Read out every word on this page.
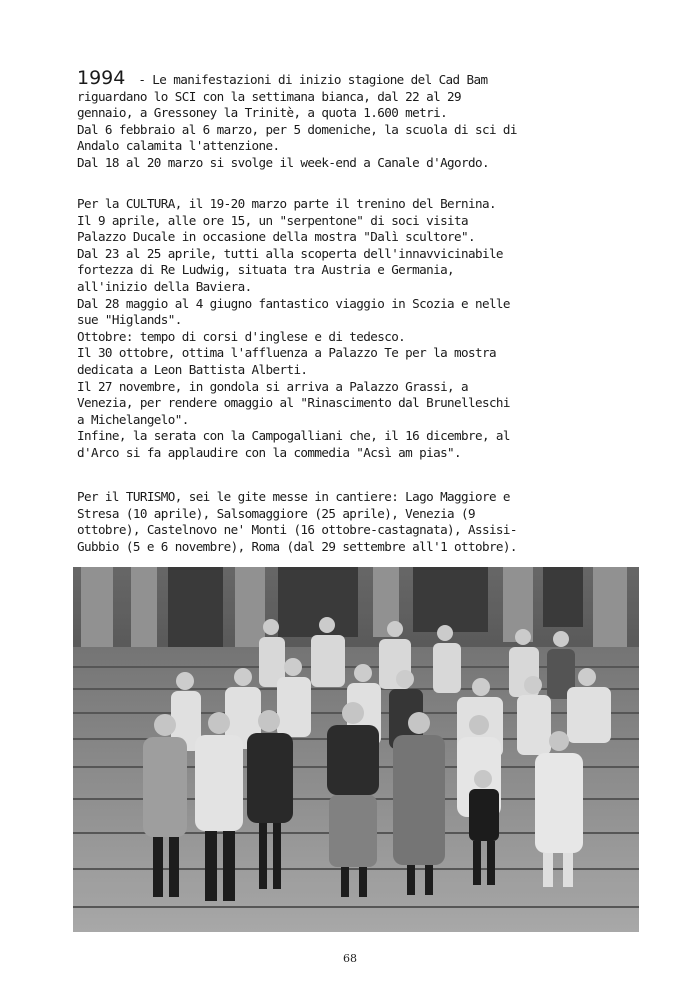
1994 - Le manifestazioni di inizio stagione del Cad Bam

riguardano lo SCI con la settimana bianca, dal 22 al 29

gennaio, a Gressoney la Trinitè, a quota 1.600 metri.

Dal 6 febbraio al 6 marzo, per 5 domeniche, la scuola di sci di

Andalo calamita l'attenzione.

Dal 18 al 20 marzo si svolge il week-end a Canale d'Agordo.

Per la CULTURA, il 19-20 marzo parte il trenino del Bernina.

Il 9 aprile, alle ore 15, un "serpentone" di soci visita

Palazzo Ducale in occasione della mostra "Dalì scultore".

Dal 23 al 25 aprile, tutti alla scoperta dell'innavvicinabile

fortezza di Re Ludwig, situata tra Austria e Germania,

all'inizio della Baviera.

Dal 28 maggio al 4 giugno fantastico viaggio in Scozia e nelle

sue "Higlands".

Ottobre: tempo di corsi d'inglese e di tedesco.

Il 30 ottobre, ottima l'affluenza a Palazzo Te per la mostra

dedicata a Leon Battista Alberti.

Il 27 novembre, in gondola si arriva a Palazzo Grassi, a

Venezia, per rendere omaggio al "Rinascimento dal Brunelleschi

a Michelangelo".

Infine, la serata con la Campogalliani che, il 16 dicembre, al

d'Arco si fa applaudire con la commedia "Acsì am pias".

Per il TURISMO, sei le gite messe in cantiere: Lago Maggiore e

Stresa (10 aprile), Salsomaggiore (25 aprile), Venezia (9

ottobre), Castelnovo ne' Monti (16 ottobre-castagnata), Assisi-

Gubbio (5 e 6 novembre), Roma (dal 29 settembre all'1 ottobre).

68
